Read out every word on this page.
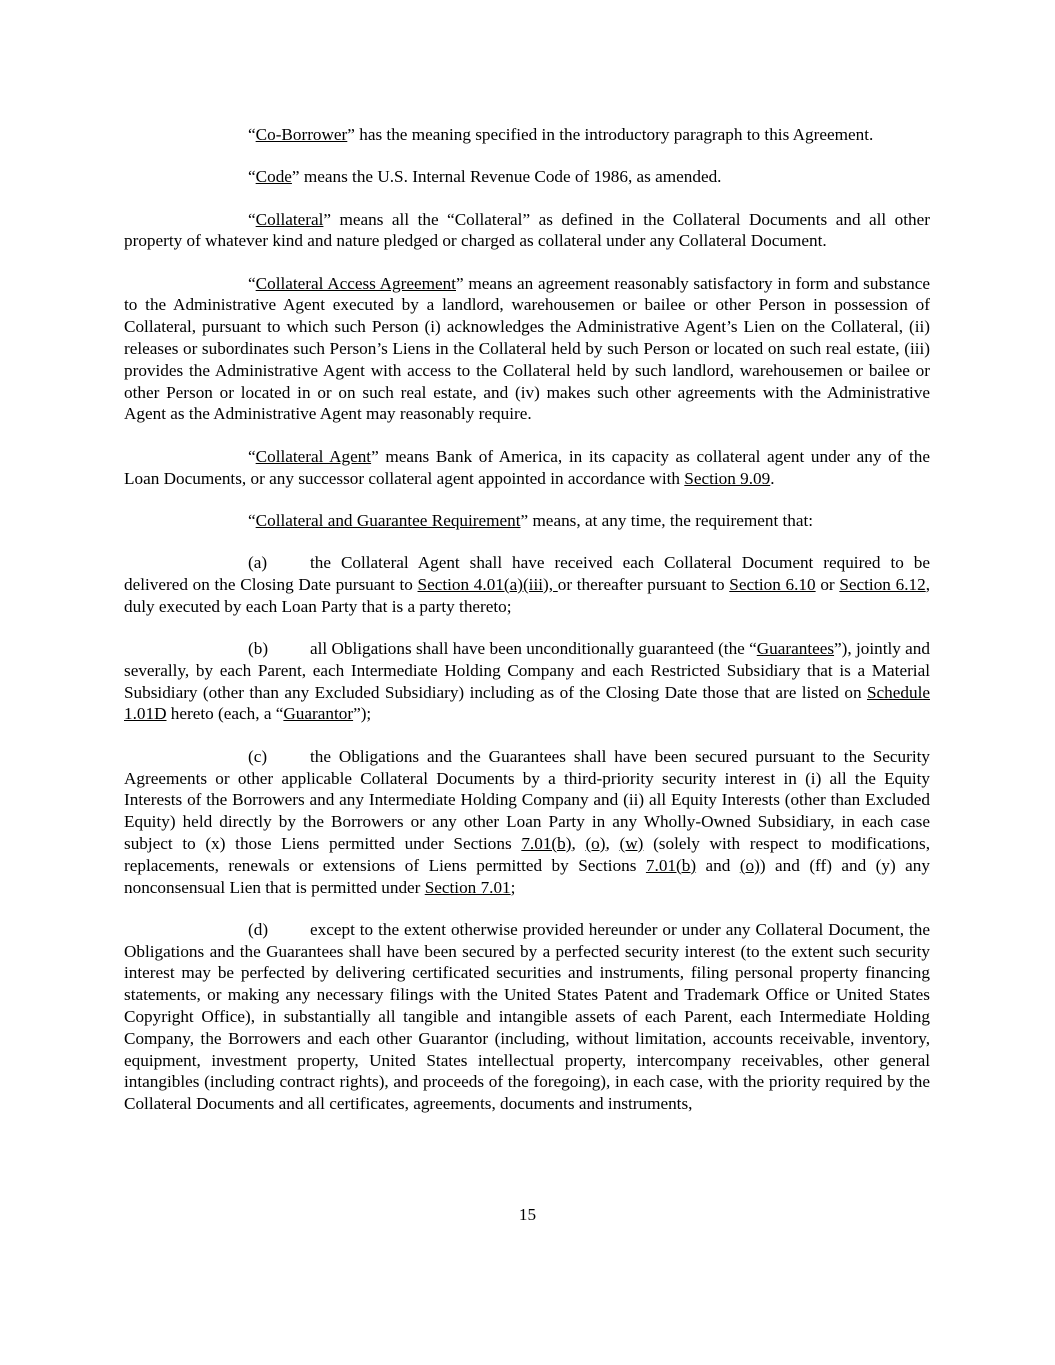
“Co-Borrower” has the meaning specified in the introductory paragraph to this Agreement.

“Code” means the U.S. Internal Revenue Code of 1986, as amended.

“Collateral” means all the “Collateral” as defined in the Collateral Documents and all other property of whatever kind and nature pledged or charged as collateral under any Collateral Document.

“Collateral Access Agreement” means an agreement reasonably satisfactory in form and substance to the Administrative Agent executed by a landlord, warehousemen or bailee or other Person in possession of Collateral, pursuant to which such Person (i) acknowledges the Administrative Agent’s Lien on the Collateral, (ii) releases or subordinates such Person’s Liens in the Collateral held by such Person or located on such real estate, (iii) provides the Administrative Agent with access to the Collateral held by such landlord, warehousemen or bailee or other Person or located in or on such real estate, and (iv) makes such other agreements with the Administrative Agent as the Administrative Agent may reasonably require.

“Collateral Agent” means Bank of America, in its capacity as collateral agent under any of the Loan Documents, or any successor collateral agent appointed in accordance with Section 9.09.

“Collateral and Guarantee Requirement” means, at any time, the requirement that:

(a) the Collateral Agent shall have received each Collateral Document required to be delivered on the Closing Date pursuant to Section 4.01(a)(iii), or thereafter pursuant to Section 6.10 or Section 6.12, duly executed by each Loan Party that is a party thereto;

(b) all Obligations shall have been unconditionally guaranteed (the “Guarantees”), jointly and severally, by each Parent, each Intermediate Holding Company and each Restricted Subsidiary that is a Material Subsidiary (other than any Excluded Subsidiary) including as of the Closing Date those that are listed on Schedule 1.01D hereto (each, a “Guarantor”);

(c) the Obligations and the Guarantees shall have been secured pursuant to the Security Agreements or other applicable Collateral Documents by a third-priority security interest in (i) all the Equity Interests of the Borrowers and any Intermediate Holding Company and (ii) all Equity Interests (other than Excluded Equity) held directly by the Borrowers or any other Loan Party in any Wholly-Owned Subsidiary, in each case subject to (x) those Liens permitted under Sections 7.01(b), (o), (w) (solely with respect to modifications, replacements, renewals or extensions of Liens permitted by Sections 7.01(b) and (o)) and (ff) and (y) any nonconsensual Lien that is permitted under Section 7.01;

(d) except to the extent otherwise provided hereunder or under any Collateral Document, the Obligations and the Guarantees shall have been secured by a perfected security interest (to the extent such security interest may be perfected by delivering certificated securities and instruments, filing personal property financing statements, or making any necessary filings with the United States Patent and Trademark Office or United States Copyright Office), in substantially all tangible and intangible assets of each Parent, each Intermediate Holding Company, the Borrowers and each other Guarantor (including, without limitation, accounts receivable, inventory, equipment, investment property, United States intellectual property, intercompany receivables, other general intangibles (including contract rights), and proceeds of the foregoing), in each case, with the priority required by the Collateral Documents and all certificates, agreements, documents and instruments,

15
